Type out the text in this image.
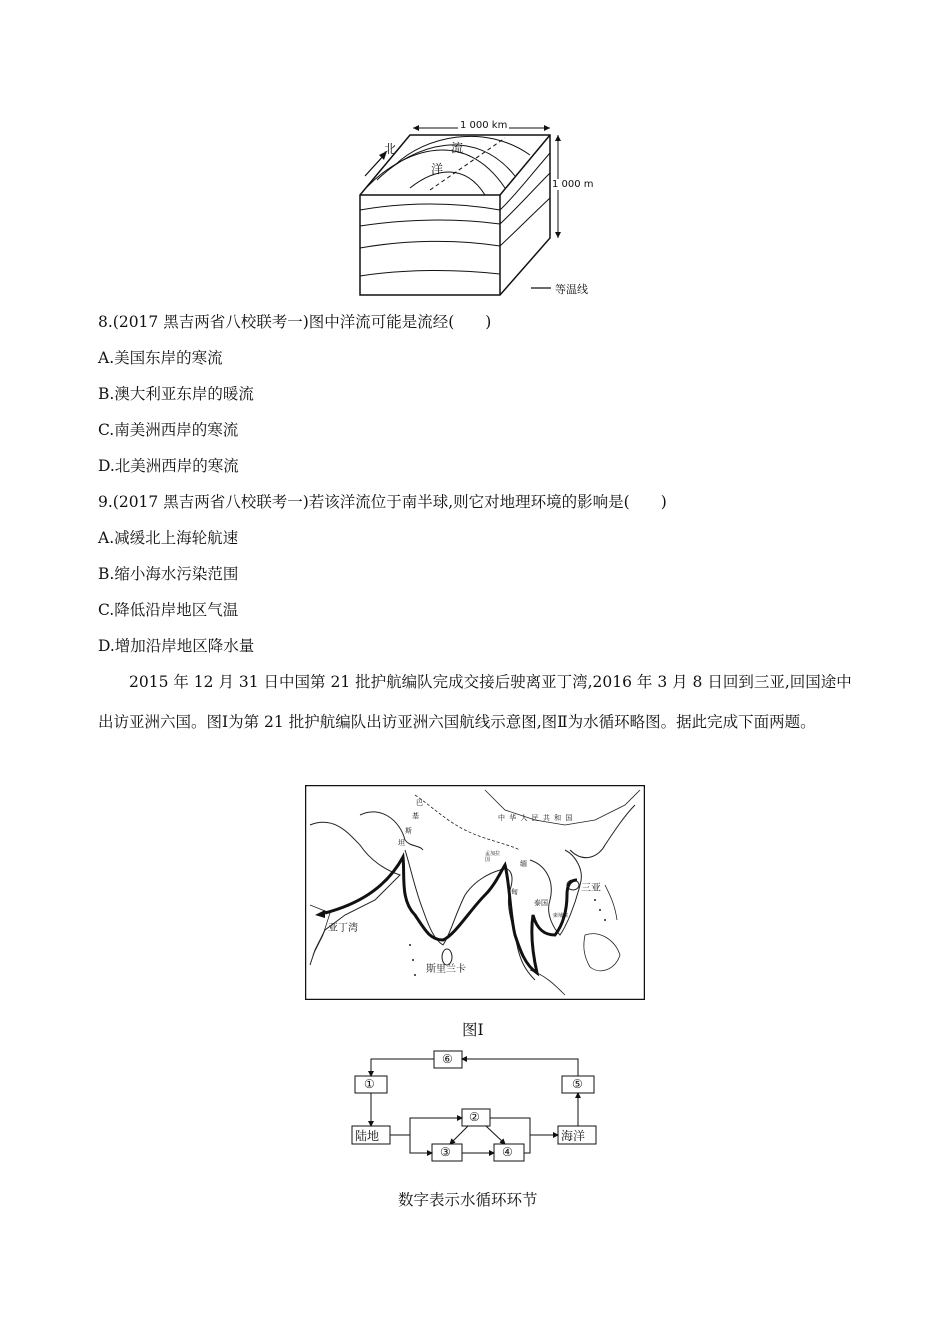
1 000 km
1 000 m
北	流
洋
等温线
8.(2017 黑吉两省八校联考一)图中洋流可能是流经(　　)
A.美国东岸的寒流
B.澳大利亚东岸的暖流
C.南美洲西岸的寒流
D.北美洲西岸的寒流
9.(2017 黑吉两省八校联考一)若该洋流位于南半球,则它对地理环境的影响是(　　)
A.减缓北上海轮航速
B.缩小海水污染范围
C.降低沿岸地区气温
D.增加沿岸地区降水量
2015 年 12 月 31 日中国第 21 批护航编队完成交接后驶离亚丁湾,2016 年 3 月 8 日回到三亚,回国途中出访亚洲六国。图Ⅰ为第 21 批护航编队出访亚洲六国航线示意图,图Ⅱ为水循环略图。据此完成下面两题。
中 华 人 民 共 和 国
三亚
亚丁湾
斯里兰卡
巴
基
斯
坦
孟加拉国	缅
甸
泰国
柬埔寨
图Ⅰ
⑥
①	⑤
②
陆地	海洋
③	④
数字表示水循环环节
